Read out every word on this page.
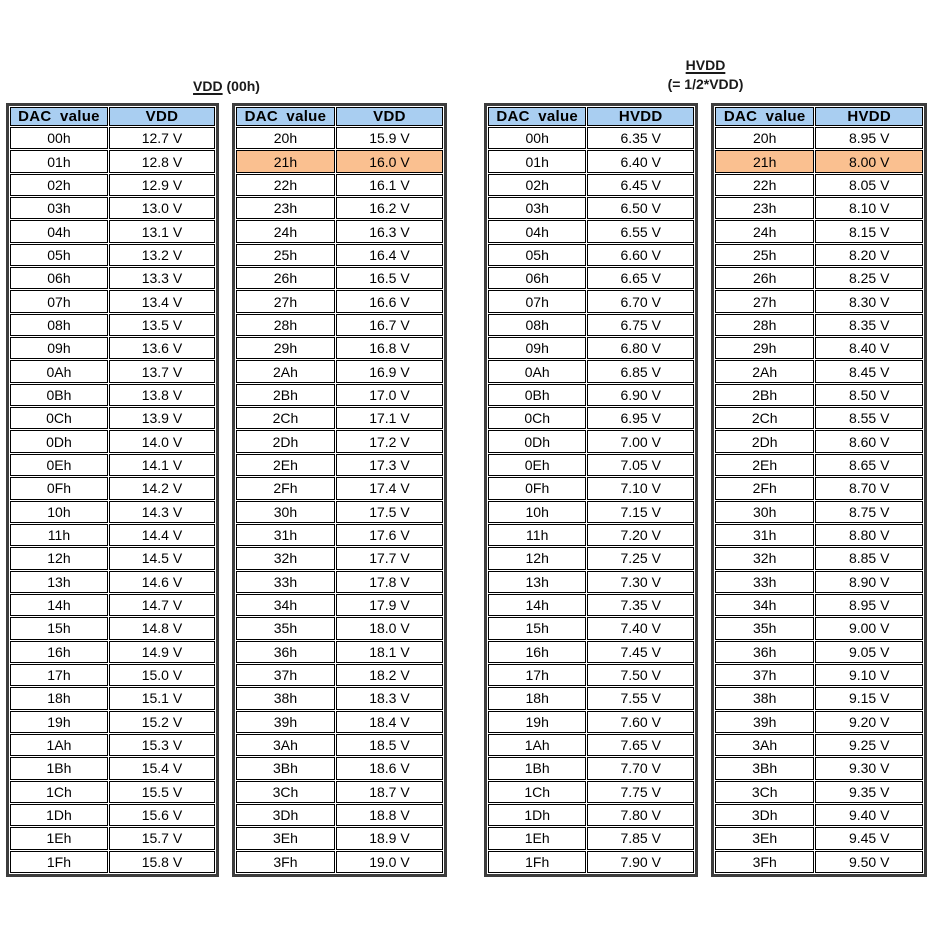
VDD (00h)
HVDD
(= 1/2*VDD)
DAC value	VDD
00h	12.7 V
01h	12.8 V
02h	12.9 V
03h	13.0 V
04h	13.1 V
05h	13.2 V
06h	13.3 V
07h	13.4 V
08h	13.5 V
09h	13.6 V
0Ah	13.7 V
0Bh	13.8 V
0Ch	13.9 V
0Dh	14.0 V
0Eh	14.1 V
0Fh	14.2 V
10h	14.3 V
11h	14.4 V
12h	14.5 V
13h	14.6 V
14h	14.7 V
15h	14.8 V
16h	14.9 V
17h	15.0 V
18h	15.1 V
19h	15.2 V
1Ah	15.3 V
1Bh	15.4 V
1Ch	15.5 V
1Dh	15.6 V
1Eh	15.7 V
1Fh	15.8 V
DAC value	VDD
20h	15.9 V
21h	16.0 V
22h	16.1 V
23h	16.2 V
24h	16.3 V
25h	16.4 V
26h	16.5 V
27h	16.6 V
28h	16.7 V
29h	16.8 V
2Ah	16.9 V
2Bh	17.0 V
2Ch	17.1 V
2Dh	17.2 V
2Eh	17.3 V
2Fh	17.4 V
30h	17.5 V
31h	17.6 V
32h	17.7 V
33h	17.8 V
34h	17.9 V
35h	18.0 V
36h	18.1 V
37h	18.2 V
38h	18.3 V
39h	18.4 V
3Ah	18.5 V
3Bh	18.6 V
3Ch	18.7 V
3Dh	18.8 V
3Eh	18.9 V
3Fh	19.0 V
DAC value	HVDD
00h	6.35 V
01h	6.40 V
02h	6.45 V
03h	6.50 V
04h	6.55 V
05h	6.60 V
06h	6.65 V
07h	6.70 V
08h	6.75 V
09h	6.80 V
0Ah	6.85 V
0Bh	6.90 V
0Ch	6.95 V
0Dh	7.00 V
0Eh	7.05 V
0Fh	7.10 V
10h	7.15 V
11h	7.20 V
12h	7.25 V
13h	7.30 V
14h	7.35 V
15h	7.40 V
16h	7.45 V
17h	7.50 V
18h	7.55 V
19h	7.60 V
1Ah	7.65 V
1Bh	7.70 V
1Ch	7.75 V
1Dh	7.80 V
1Eh	7.85 V
1Fh	7.90 V
DAC value	HVDD
20h	8.95 V
21h	8.00 V
22h	8.05 V
23h	8.10 V
24h	8.15 V
25h	8.20 V
26h	8.25 V
27h	8.30 V
28h	8.35 V
29h	8.40 V
2Ah	8.45 V
2Bh	8.50 V
2Ch	8.55 V
2Dh	8.60 V
2Eh	8.65 V
2Fh	8.70 V
30h	8.75 V
31h	8.80 V
32h	8.85 V
33h	8.90 V
34h	8.95 V
35h	9.00 V
36h	9.05 V
37h	9.10 V
38h	9.15 V
39h	9.20 V
3Ah	9.25 V
3Bh	9.30 V
3Ch	9.35 V
3Dh	9.40 V
3Eh	9.45 V
3Fh	9.50 V
